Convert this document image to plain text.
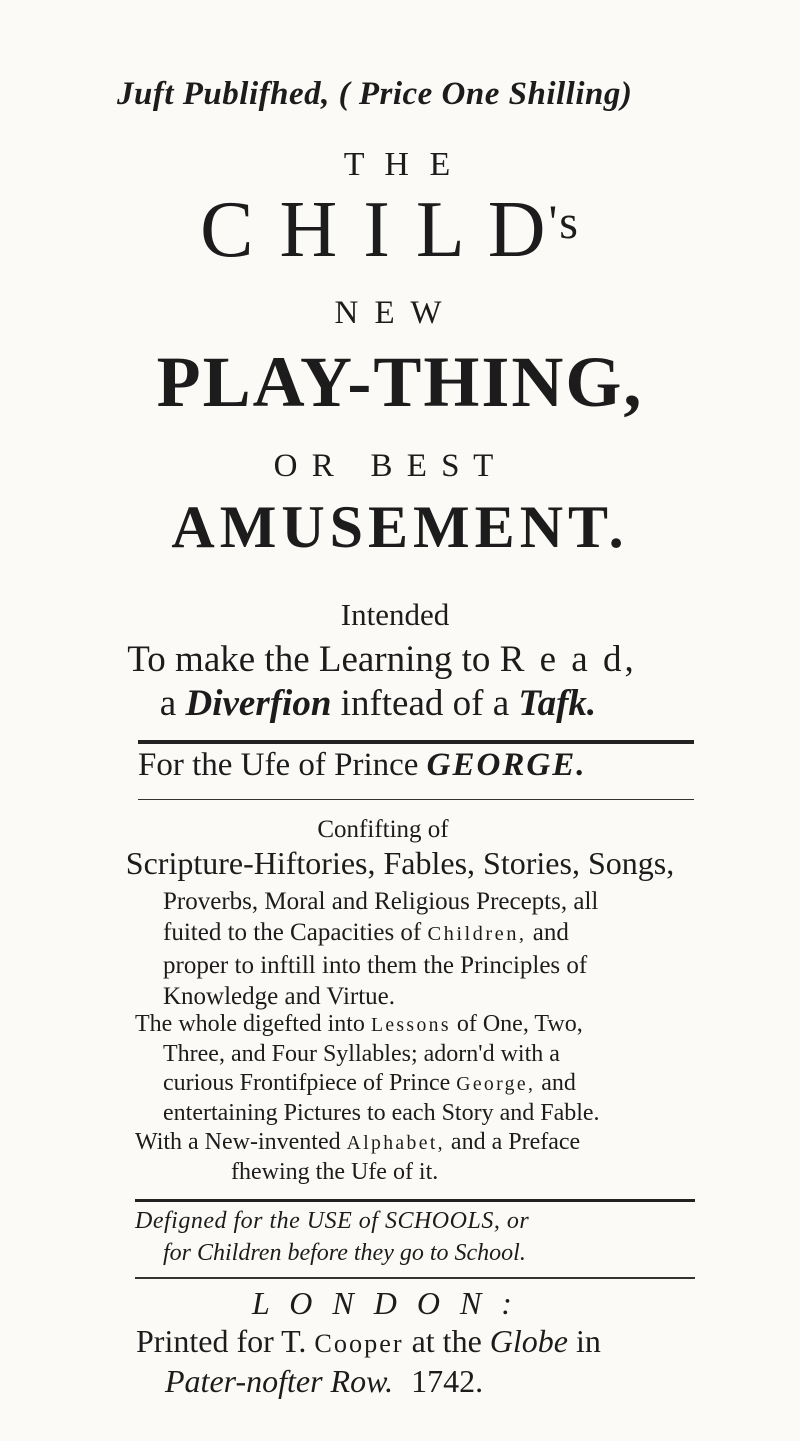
Juft Publifhed, ( Price One Shilling)
T H E
C H I L $D^{'s}$
N E W
PLAY-THING,
O R   B E S T
AMUSEMENT.
Intended
To make the Learning to R e a d,
a Diverfion inftead of a Tafk.
For the Ufe of Prince GEORGE.
Confifting of
Scripture-Hiftories, Fables, Stories, Songs,
Proverbs, Moral and Religious Precepts, all
fuited to the Capacities of Children, and
proper to inftill into them the Principles of
Knowledge and Virtue.
The whole digefted into Lessons of One, Two,
Three, and Four Syllables; adorn'd with a
curious Frontifpiece of Prince George, and
entertaining Pictures to each Story and Fable.
With a New-invented Alphabet, and a Preface
fhewing the Ufe of it.
Defigned for the USE of SCHOOLS, or
for Children before they go to School.
L O N D O N :
Printed for T. Cooper at the Globe in
Pater-nofter Row. 1742.
